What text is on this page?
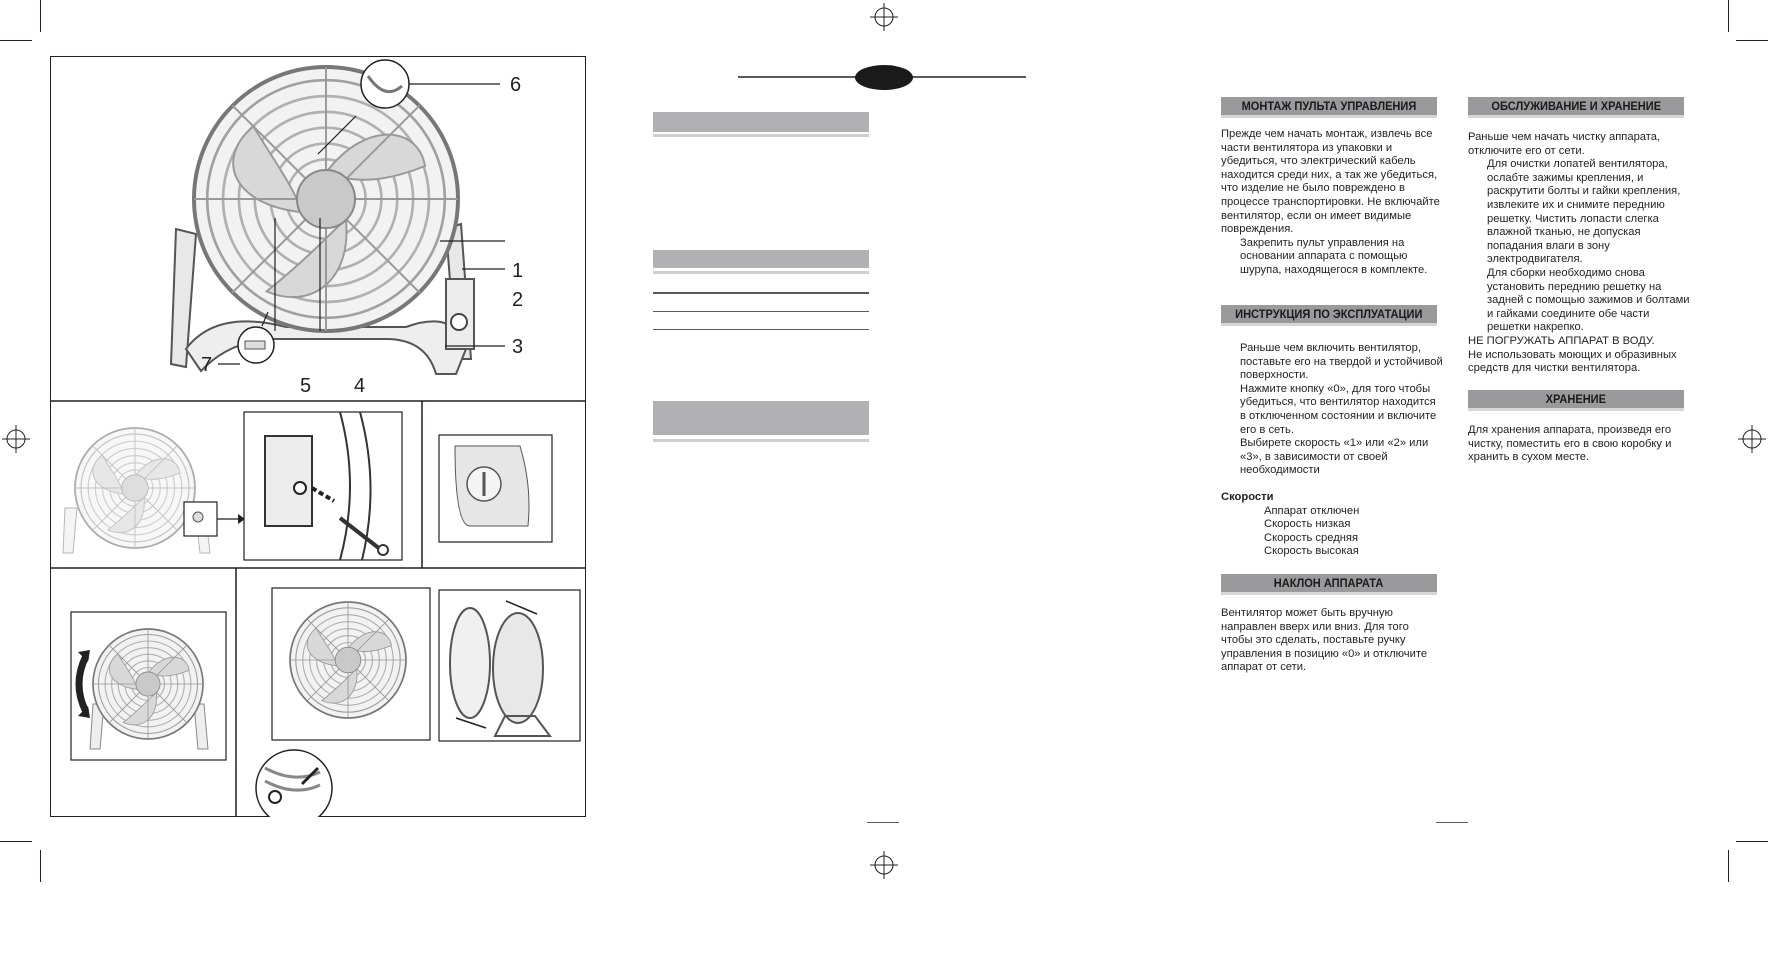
1
2
3
4
5
6
7
МОНТАЖ ПУЛЬТА УПРАВЛЕНИЯ

Прежде чем начать монтаж, извлечь все части вентилятора из упаковки и убедиться, что электрический кабель находится среди них, а так же убедиться, что изделие не было повреждено в процессе транспортировки. Не включайте вентилятор, если он имеет видимые повреждения.

Закрепить пульт управления на основании аппарата с помощью шурупа, находящегося в комплекте.

ИНСТРУКЦИЯ ПО ЭКСПЛУАТАЦИИ

Раньше чем включить вентилятор, поставьте его на твердой и устойчивой поверхности.

Нажмите кнопку «0», для того чтобы убедиться, что вентилятор находится в отключенном состоянии и включите его в сеть.

Выбирете скорость «1» или «2» или «3», в зависимости от своей необходимости

Скорости

Аппарат отключен

Скорость низкая

Скорость средняя

Скорость высокая

НАКЛОН АППАРАТА

Вентилятор может быть вручную направлен вверх или вниз. Для того чтобы это сделать, поставьте ручку управления в позицию «0» и отключите аппарат от сети.

ОБСЛУЖИВАНИЕ И ХРАНЕНИЕ

Раньше чем начать чистку аппарата, отключите его от сети.

Для очистки лопатей вентилятора, ослабте зажимы крепления, и раскрутити болты и гайки крепления, извлеките их и снимите переднию решетку. Чистить лопасти слегка влажной тканью, не допуская попадания влаги в зону электродвигателя.

Для сборки необходимо снова установить переднию решетку на задней с помощью зажимов и болтами и гайками соедините обе части решетки накрепко.

НЕ ПОГРУЖАТЬ АППАРАТ В ВОДУ.

Не использовать моющих и образивных средств для чистки вентилятора.

ХРАНЕНИЕ

Для хранения аппарата, произведя его чистку, поместить его в свою коробку и хранить в сухом месте.
